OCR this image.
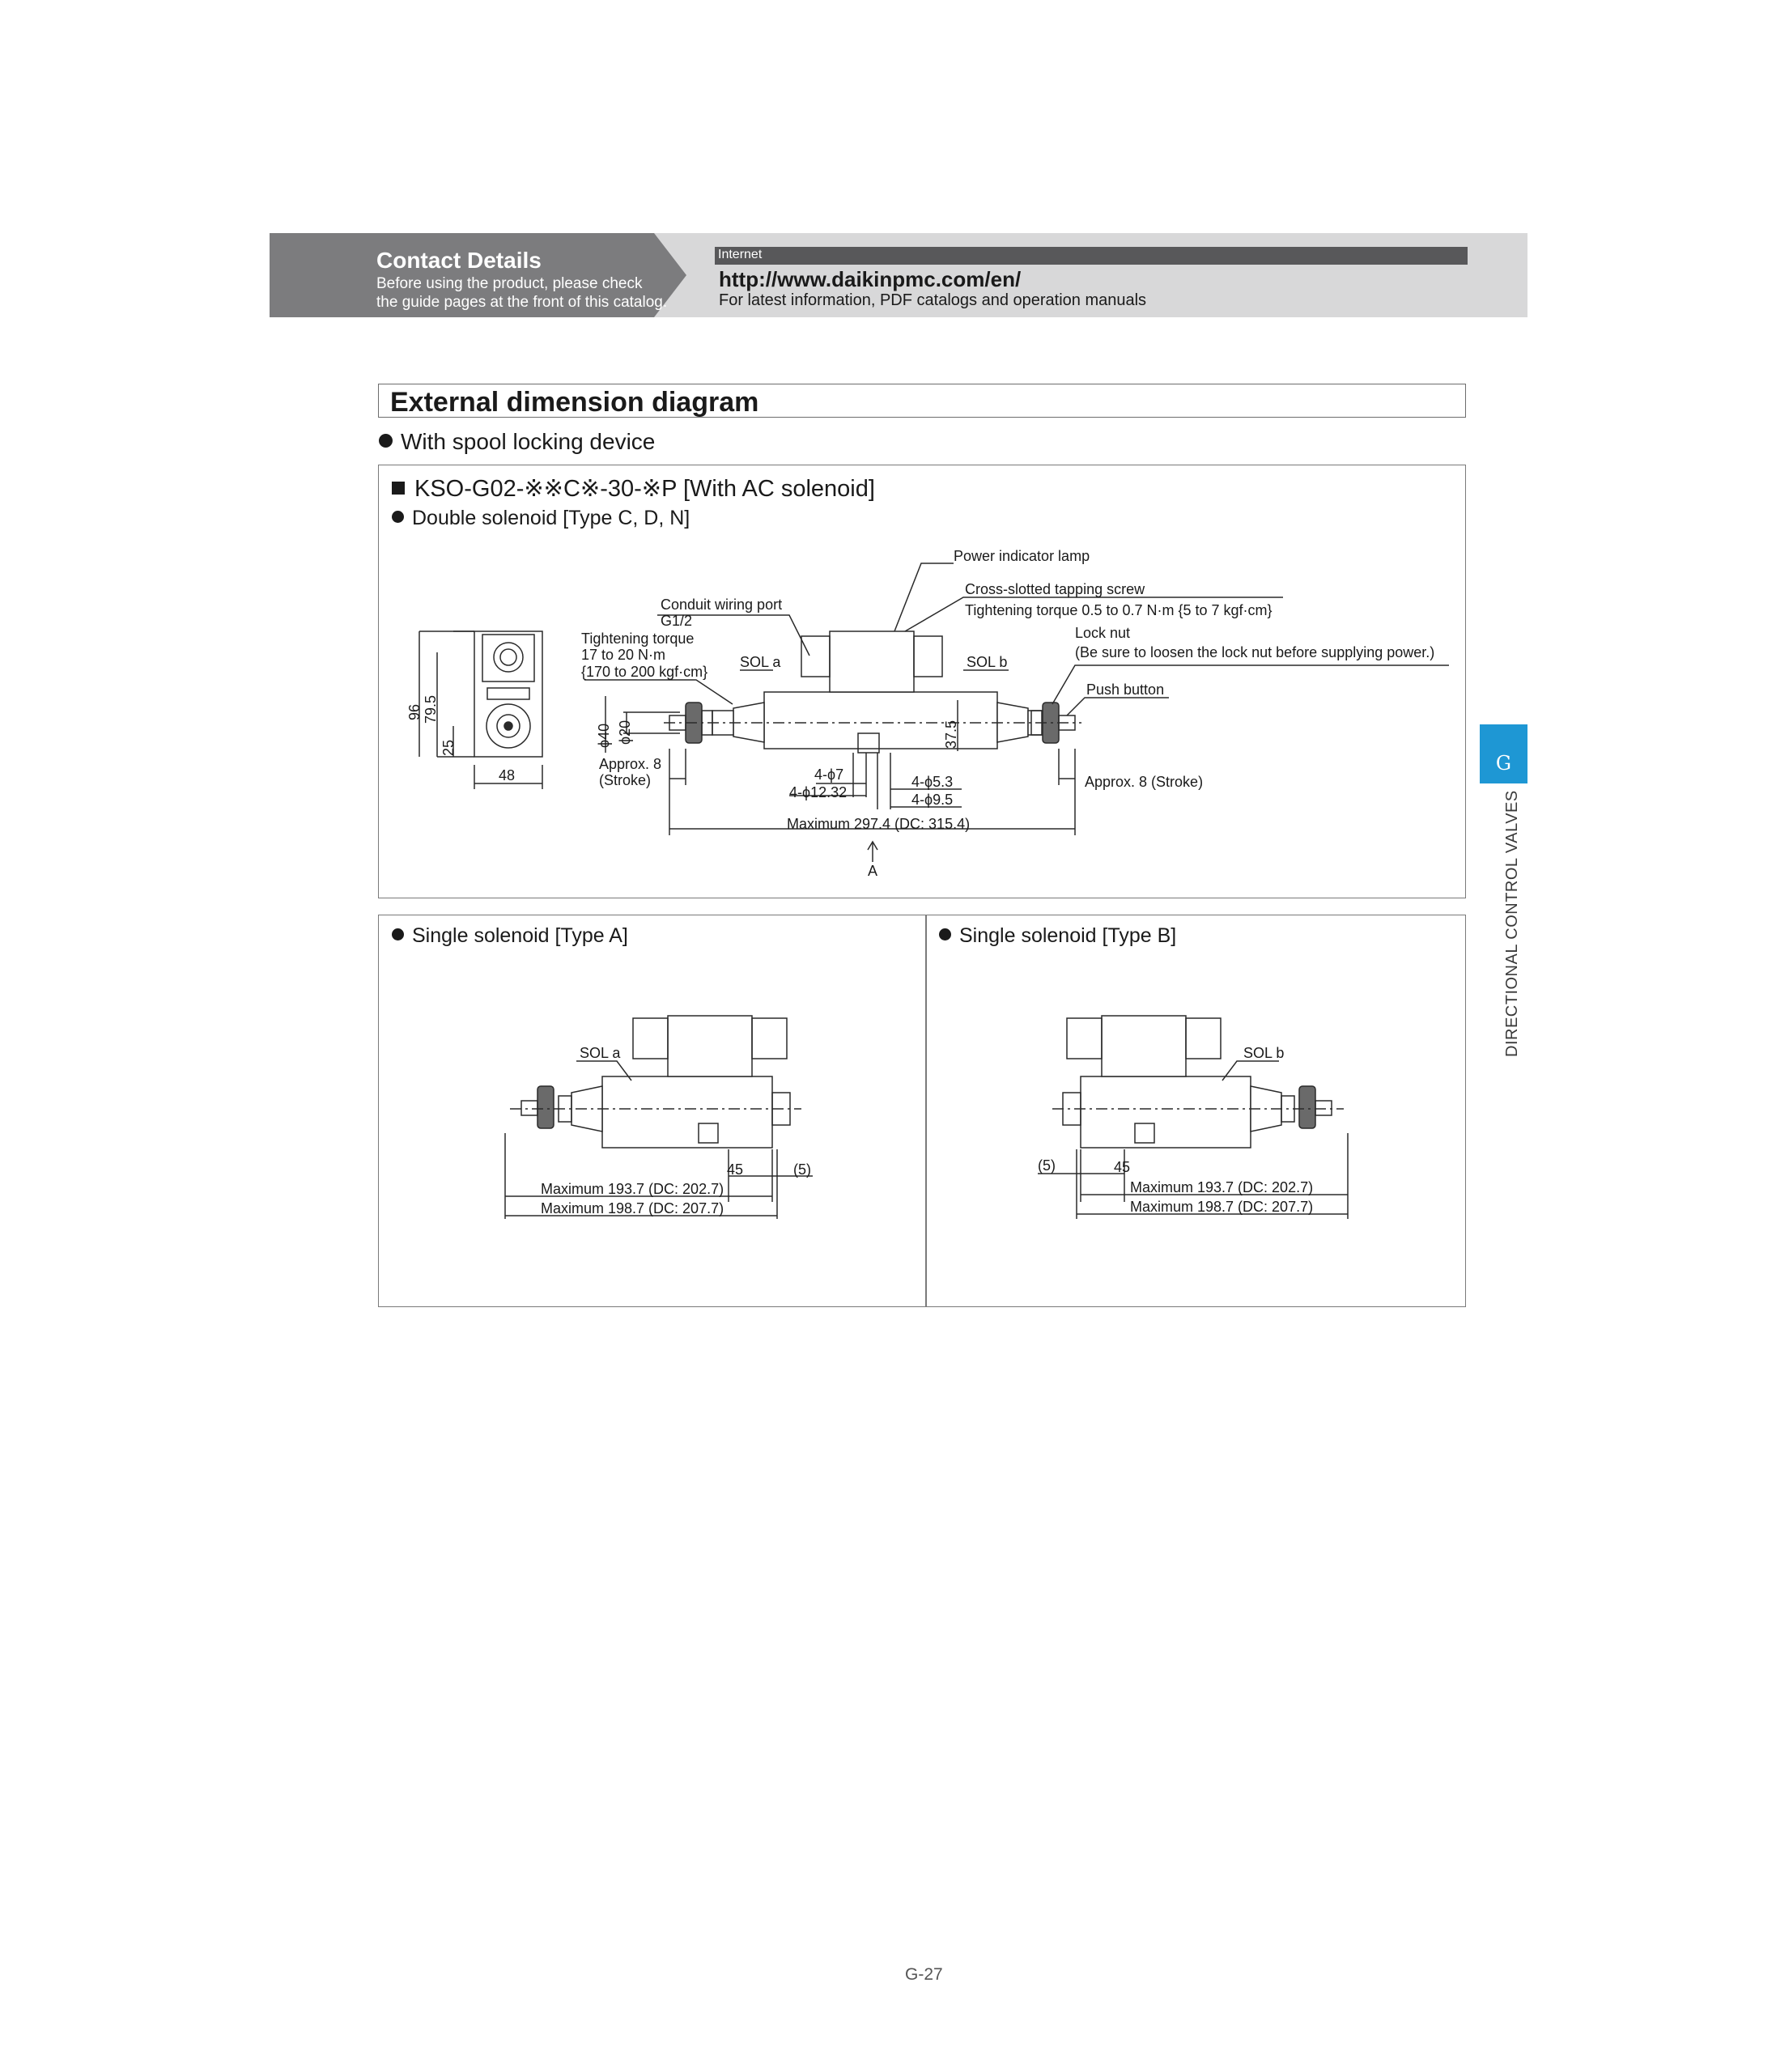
Contact Details
Before using the product, please check the guide pages at the front of this catalog.
Internet
http://www.daikinpmc.com/en/
For latest information, PDF catalogs and operation manuals
External dimension diagram
With spool locking device
KSO-G02-※※C※-30-※P [With AC solenoid]
Double solenoid [Type C, D, N]
Power indicator lamp
Cross-slotted tapping screw
Tightening torque 0.5 to 0.7 N·m {5 to 7 kgf·cm}
Conduit wiring port
G1/2
Tightening torque
17 to 20 N·m
{170 to 200 kgf·cm}
Lock nut
(Be sure to loosen the lock nut before supplying power.)
SOL a	SOL b
Push button
48
Approx. 8
(Stroke)	Approx. 8 (Stroke)
4-ϕ7
4-ϕ12.32
4-ϕ5.3
4-ϕ9.5
Maximum 297.4 (DC: 315.4)
A
96 79.5
25	ϕ40 ϕ20	37.5
Single solenoid [Type A]	Single solenoid [Type B]
SOL a
45	(5)
Maximum 193.7 (DC: 202.7)
Maximum 198.7 (DC: 207.7)
SOL b
45
(5)
Maximum 193.7 (DC: 202.7)
Maximum 198.7 (DC: 207.7)
G
DIRECTIONAL CONTROL VALVES
G-27
